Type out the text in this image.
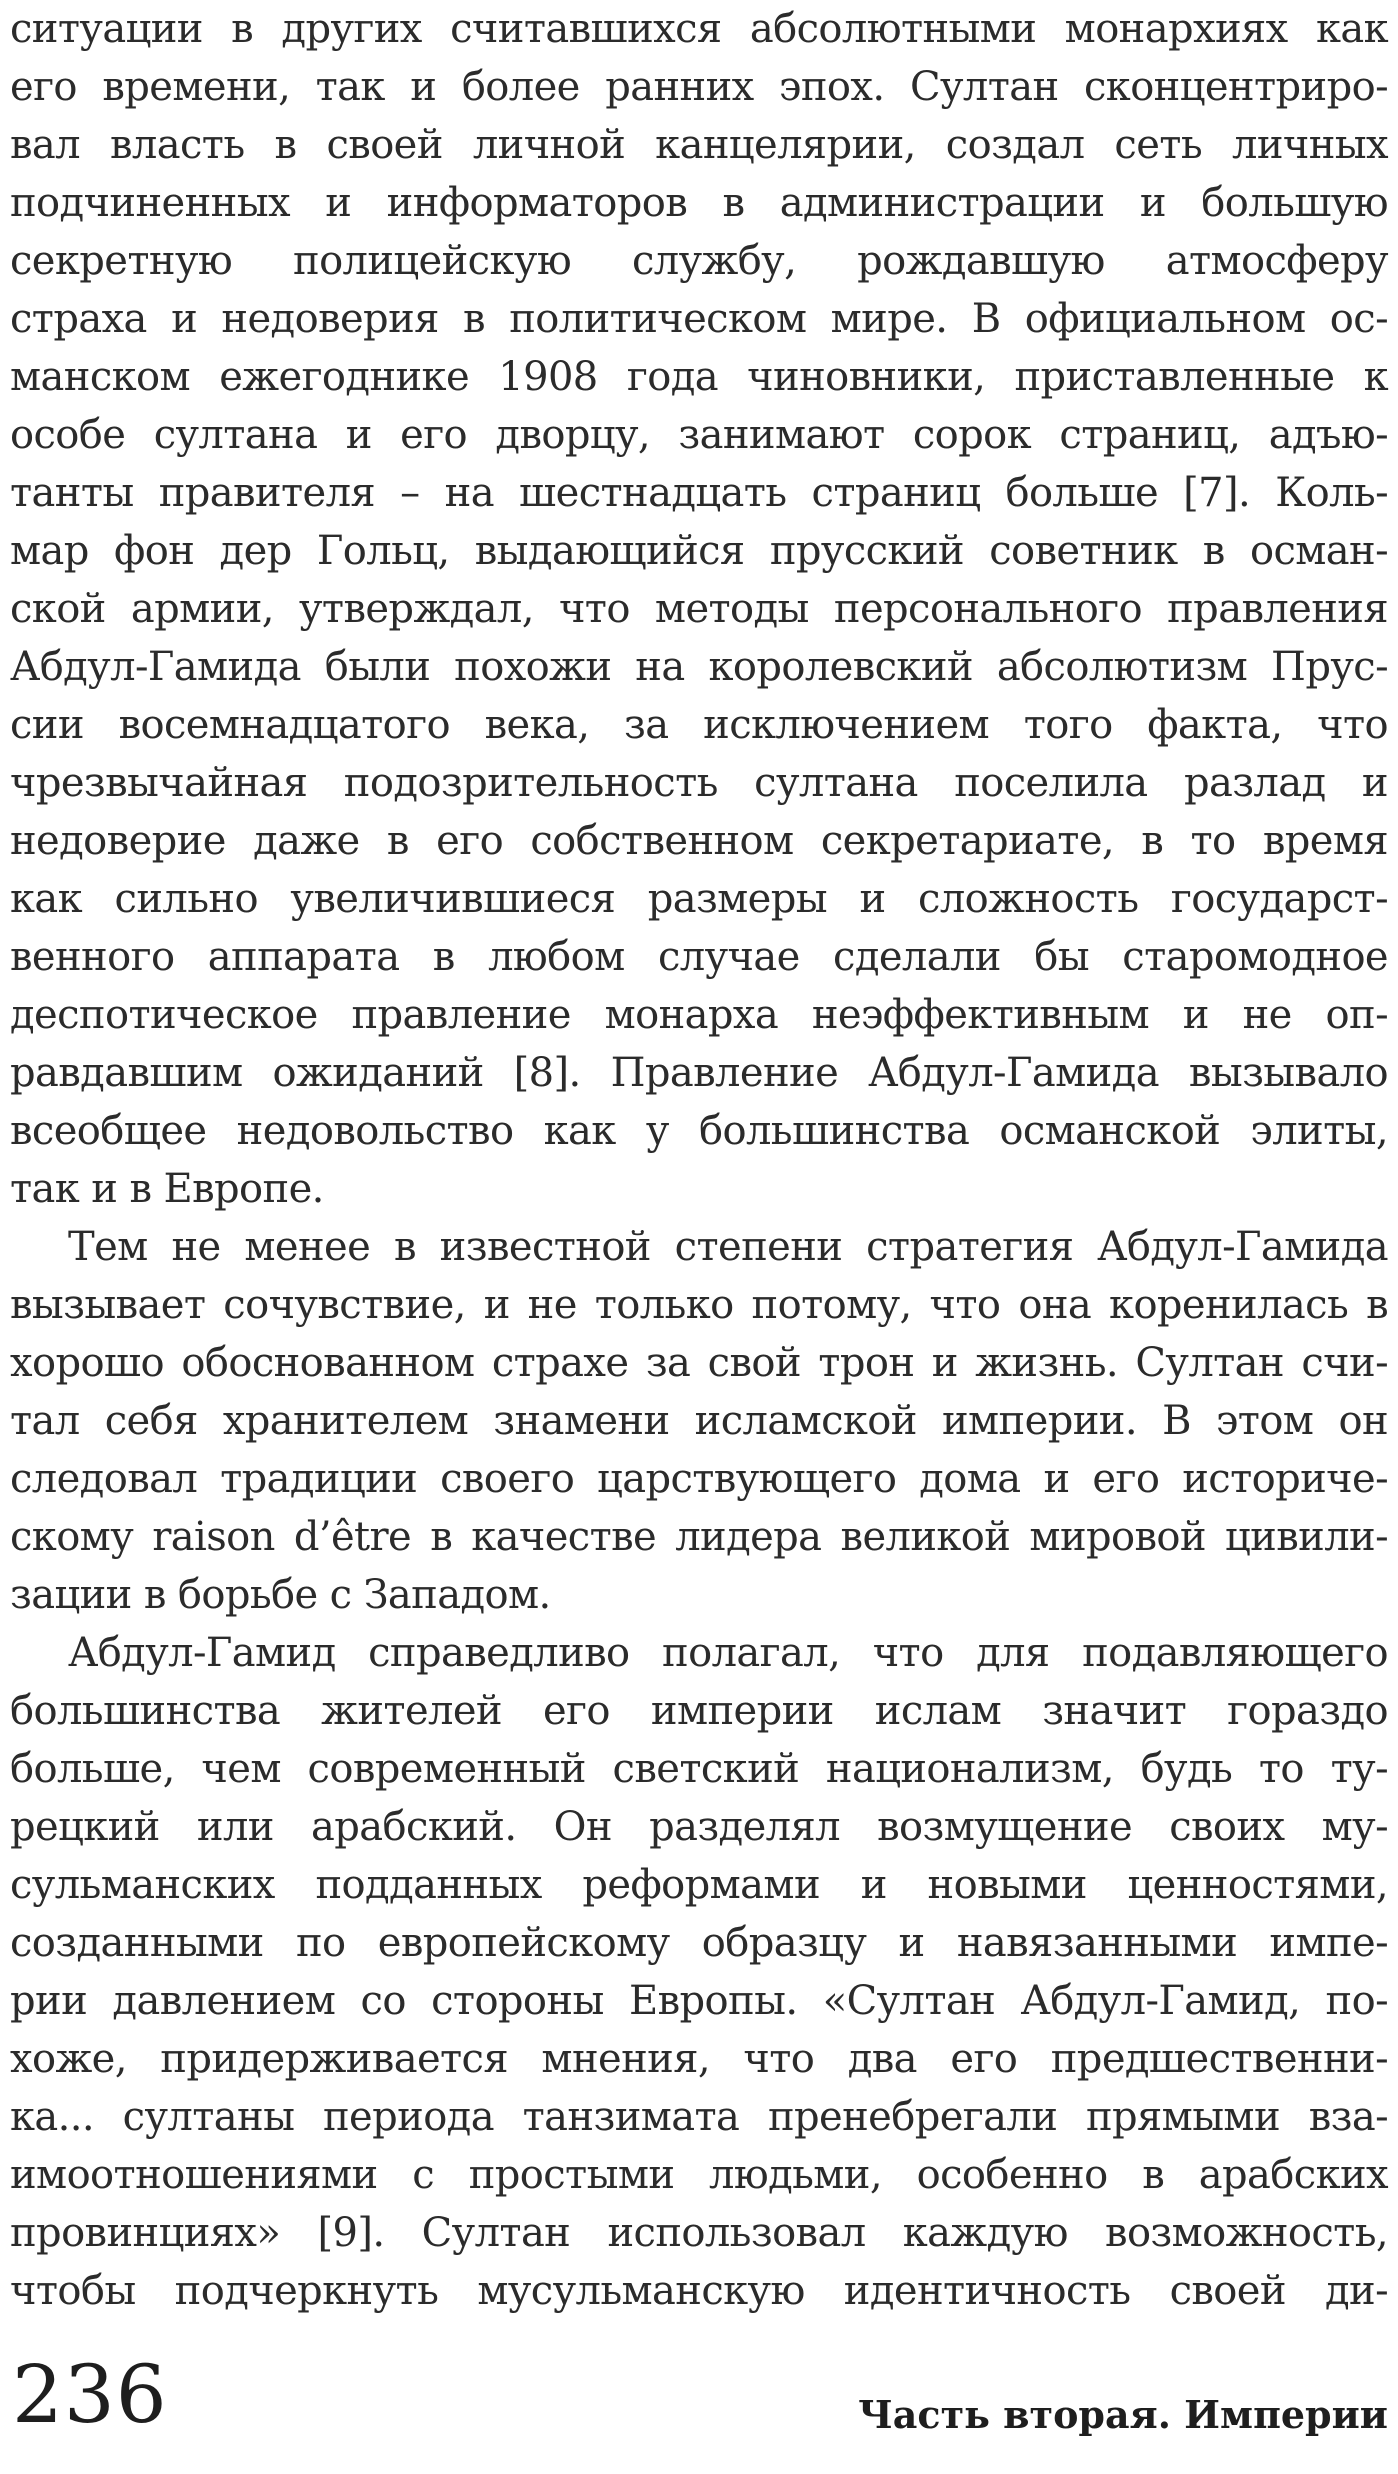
ситуации в других считавшихся абсолютными монархиях как
его времени, так и более ранних эпох. Султан сконцентриро-
вал власть в своей личной канцелярии, создал сеть личных
подчиненных и информаторов в администрации и большую
секретную полицейскую службу, рождавшую атмосферу
страха и недоверия в политическом мире. В официальном ос-
манском ежегоднике 1908 года чиновники, приставленные к
особе султана и его дворцу, занимают сорок страниц, адъю-
танты правителя – на шестнадцать страниц больше [7]. Коль-
мар фон дер Гольц, выдающийся прусский советник в осман-
ской армии, утверждал, что методы персонального правления
Абдул-Гамида были похожи на королевский абсолютизм Прус-
сии восемнадцатого века, за исключением того факта, что
чрезвычайная подозрительность султана поселила разлад и
недоверие даже в его собственном секретариате, в то время
как сильно увеличившиеся размеры и сложность государст-
венного аппарата в любом случае сделали бы старомодное
деспотическое правление монарха неэффективным и не оп-
равдавшим ожиданий [8]. Правление Абдул-Гамида вызывало
всеобщее недовольство как у большинства османской элиты,
так и в Европе.
Тем не менее в известной степени стратегия Абдул-Гамида
вызывает сочувствие, и не только потому, что она коренилась в
хорошо обоснованном страхе за свой трон и жизнь. Султан счи-
тал себя хранителем знамени исламской империи. В этом он
следовал традиции своего царствующего дома и его историче-
скому raison d’être в качестве лидера великой мировой цивили-
зации в борьбе с Западом.
Абдул-Гамид справедливо полагал, что для подавляющего
большинства жителей его империи ислам значит гораздо
больше, чем современный светский национализм, будь то ту-
рецкий или арабский. Он разделял возмущение своих му-
сульманских подданных реформами и новыми ценностями,
созданными по европейскому образцу и навязанными импе-
рии давлением со стороны Европы. «Султан Абдул-Гамид, по-
хоже, придерживается мнения, что два его предшественни-
ка... султаны периода танзимата пренебрегали прямыми вза-
имоотношениями с простыми людьми, особенно в арабских
провинциях» [9]. Султан использовал каждую возможность,
чтобы подчеркнуть мусульманскую идентичность своей ди-
236	Часть вторая. Империи
